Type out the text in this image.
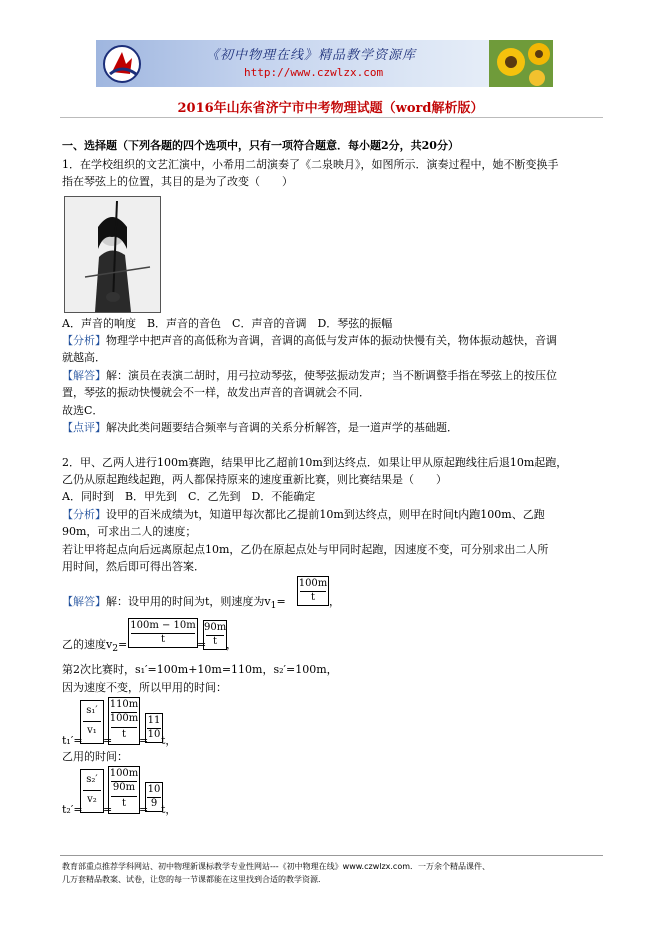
《初中物理在线》精品教学资源库
http://www.czwlzx.com
2016年山东省济宁市中考物理试题（word解析版）
一、选择题（下列各题的四个选项中，只有一项符合题意．每小题2分，共20分）
1．在学校组织的文艺汇演中，小希用二胡演奏了《二泉映月》，如图所示．演奏过程中，她不断变换手
指在琴弦上的位置，其目的是为了改变（　　）
A．声音的响度　B．声音的音色　C．声音的音调　D．琴弦的振幅
【分析】物理学中把声音的高低称为音调，音调的高低与发声体的振动快慢有关，物体振动越快，音调
就越高．
【解答】解：演员在表演二胡时，用弓拉动琴弦，使琴弦振动发声；当不断调整手指在琴弦上的按压位
置，琴弦的振动快慢就会不一样，故发出声音的音调就会不同．
故选C．
【点评】解决此类问题要结合频率与音调的关系分析解答，是一道声学的基础题．
2．甲、乙两人进行100m赛跑，结果甲比乙超前10m到达终点．如果让甲从原起跑线往后退10m起跑，
乙仍从原起跑线起跑，两人都保持原来的速度重新比赛，则比赛结果是（　　）
A．同时到　B．甲先到　C．乙先到　D．不能确定
【分析】设甲的百米成绩为t，知道甲每次都比乙提前10m到达终点，则甲在时间t内跑100m、乙跑
90m，可求出二人的速度；
若让甲将起点向后远离原起点10m，乙仍在原起点处与甲同时起跑，因速度不变，可分别求出二人所
用时间，然后即可得出答案．
【解答】解：设甲用的时间为t，则速度为$v_1=$
100m
t	，
乙的速度$v_2=$
100m − 10m
t	=
90m
t ，
第2次比赛时，s₁′=100m+10m=110m，s₂′=100m，
因为速度不变，所以甲用的时间：
t₁′=
s₁′
v₁
=
110m
100m
t	=
11
10 t，
乙用的时间：
t₂′=
s₂′
v₂
=
100m
90m
t	=
10
9 t，
教育部重点推荐学科网站、初中物理新课标教学专业性网站---《初中物理在线》www.czwlzx.com．一万余个精品课件、
几万套精品教案、试卷，让您的每一节课都能在这里找到合适的教学资源．
